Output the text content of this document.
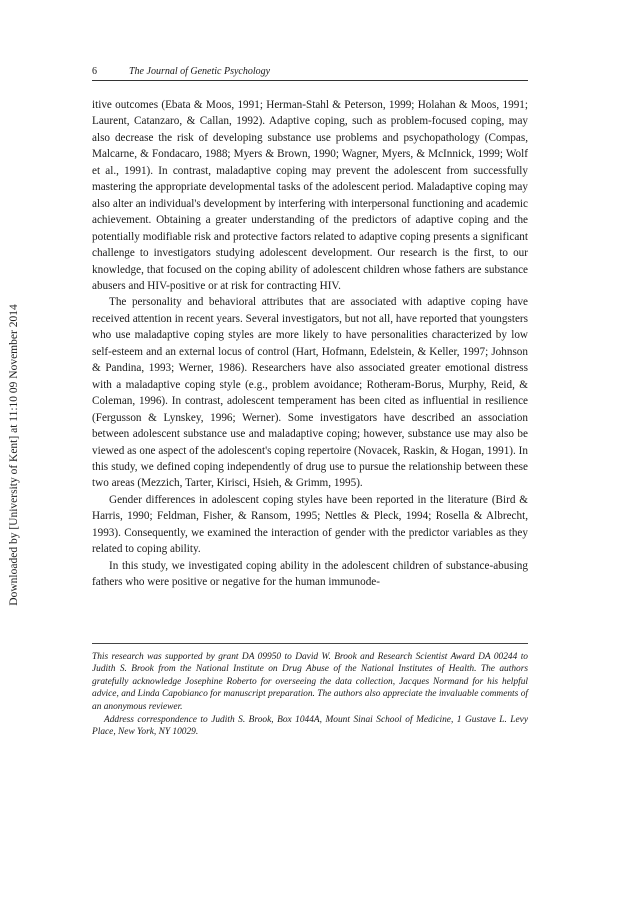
Downloaded by [University of Kent] at 11:10 09 November 2014
6	The Journal of Genetic Psychology

itive outcomes (Ebata & Moos, 1991; Herman-Stahl & Peterson, 1999; Holahan & Moos, 1991; Laurent, Catanzaro, & Callan, 1992). Adaptive coping, such as problem-focused coping, may also decrease the risk of developing substance use problems and psychopathology (Compas, Malcarne, & Fondacaro, 1988; Myers & Brown, 1990; Wagner, Myers, & McInnick, 1999; Wolf et al., 1991). In contrast, maladaptive coping may prevent the adolescent from successfully mastering the appropriate developmental tasks of the adolescent period. Maladaptive coping may also alter an individual's development by interfering with interpersonal functioning and academic achievement. Obtaining a greater understanding of the predictors of adaptive coping and the potentially modifiable risk and protective factors related to adaptive coping presents a significant challenge to investigators studying adolescent development. Our research is the first, to our knowledge, that focused on the coping ability of adolescent children whose fathers are substance abusers and HIV-positive or at risk for contracting HIV.

The personality and behavioral attributes that are associated with adaptive coping have received attention in recent years. Several investigators, but not all, have reported that youngsters who use maladaptive coping styles are more likely to have personalities characterized by low self-esteem and an external locus of control (Hart, Hofmann, Edelstein, & Keller, 1997; Johnson & Pandina, 1993; Werner, 1986). Researchers have also associated greater emotional distress with a maladaptive coping style (e.g., problem avoidance; Rotheram-Borus, Murphy, Reid, & Coleman, 1996). In contrast, adolescent temperament has been cited as influential in resilience (Fergusson & Lynskey, 1996; Werner). Some investigators have described an association between adolescent substance use and maladaptive coping; however, substance use may also be viewed as one aspect of the adolescent's coping repertoire (Novacek, Raskin, & Hogan, 1991). In this study, we defined coping independently of drug use to pursue the relationship between these two areas (Mezzich, Tarter, Kirisci, Hsieh, & Grimm, 1995).

Gender differences in adolescent coping styles have been reported in the literature (Bird & Harris, 1990; Feldman, Fisher, & Ransom, 1995; Nettles & Pleck, 1994; Rosella & Albrecht, 1993). Consequently, we examined the interaction of gender with the predictor variables as they related to coping ability.

In this study, we investigated coping ability in the adolescent children of substance-abusing fathers who were positive or negative for the human immunode-

This research was supported by grant DA 09950 to David W. Brook and Research Scientist Award DA 00244 to Judith S. Brook from the National Institute on Drug Abuse of the National Institutes of Health. The authors gratefully acknowledge Josephine Roberto for overseeing the data collection, Jacques Normand for his helpful advice, and Linda Capobianco for manuscript preparation. The authors also appreciate the invaluable comments of an anonymous reviewer.

Address correspondence to Judith S. Brook, Box 1044A, Mount Sinai School of Medicine, 1 Gustave L. Levy Place, New York, NY 10029.
